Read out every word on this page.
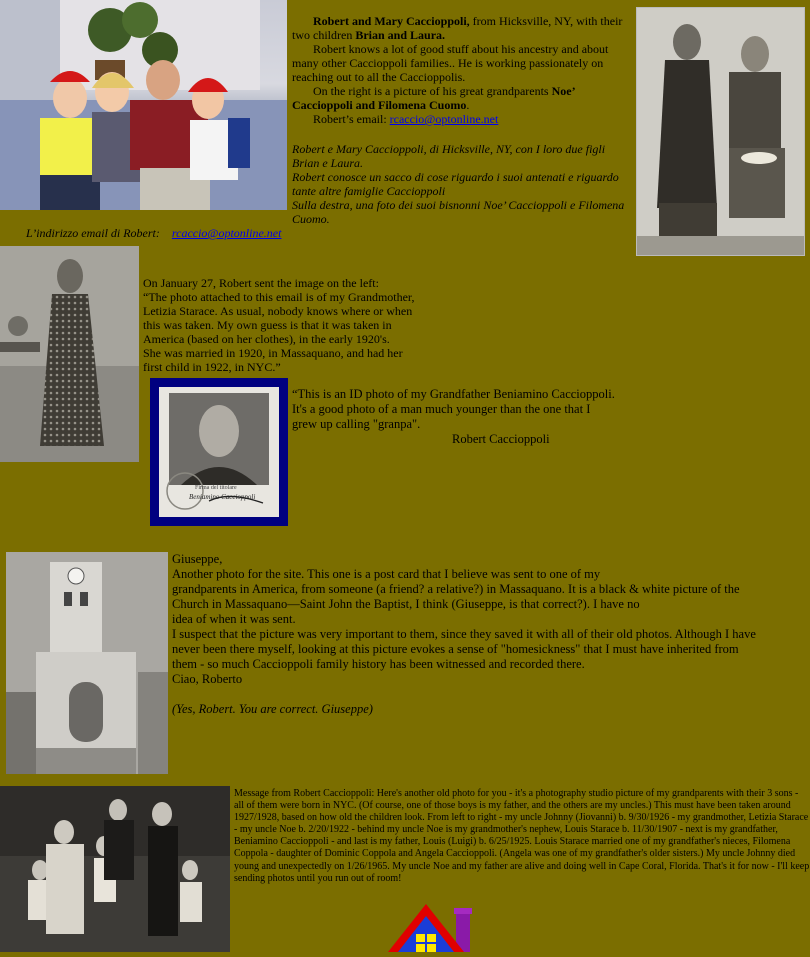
Robert and Mary Caccioppoli, from Hicksville, NY, with their two children Brian and Laura.

Robert knows a lot of good stuff about his ancestry and about many other Caccioppoli families.. He is working passionately on reaching out to all the Caccioppolis.

On the right is a picture of his great grandparents Noe’ Caccioppoli and Filomena Cuomo.

Robert’s email: rcaccio@optonline.net

Robert e Mary Caccioppoli, di Hicksville, NY, con I loro due figli Brian e Laura.

Robert conosce un sacco di cose riguardo i suoi antenati e riguardo tante altre famiglie Caccioppoli

Sulla destra, una foto dei suoi bisnonni Noe’ Caccioppoli e Filomena Cuomo.

L’indirizzo email di Robert: rcaccio@optonline.net

On January 27, Robert sent the image on the left:

“The photo attached to this email is of my Grandmother,

Letizia Starace. As usual, nobody knows where or when

this was taken. My own guess is that it was taken in

America (based on her clothes), in the early 1920's.

She was married in 1920, in Massaquano, and had her

first child in 1922, in NYC.”

Firma del titolare
Beniamino Caccioppoli

“This is an ID photo of my Grandfather Beniamino Caccioppoli.

It's a good photo of a man much younger than the one that I

grew up calling "granpa".

Robert Caccioppoli

Giuseppe,

Another photo for the site. This one is a post card that I believe was sent to one of my

grandparents in America, from someone (a friend? a relative?) in Massaquano. It is a black & white picture of the

Church in Massaquano—Saint John the Baptist, I think (Giuseppe, is that correct?). I have no

idea of when it was sent.

I suspect that the picture was very important to them, since they saved it with all of their old photos. Although I have

never been there myself, looking at this picture evokes a sense of "homesickness" that I must have inherited from

them - so much Caccioppoli family history has been witnessed and recorded there.

Ciao, Roberto

(Yes, Robert. You are correct. Giuseppe)

Message from Robert Caccioppoli: Here's another old photo for you - it's a photography studio picture of my grandparents with their 3 sons - all of them were born in NYC. (Of course, one of those boys is my father, and the others are my uncles.) This must have been taken around 1927/1928, based on how old the children look. From left to right - my uncle Johnny (Jiovanni) b. 9/30/1926 - my grandmother, Letizia Starace - my uncle Noe b. 2/20/1922 - behind my uncle Noe is my grandmother's nephew, Louis Starace b. 11/30/1907 - next is my grandfather, Beniamino Caccioppoli - and last is my father, Louis (Luigi) b. 6/25/1925. Louis Starace married one of my grandfather's nieces, Filomena Coppola - daughter of Dominic Coppola and Angela Caccioppoli. (Angela was one of my grandfather's older sisters.) My uncle Johnny died young and unexpectedly on 1/26/1965. My uncle Noe and my father are alive and doing well in Cape Coral, Florida. That's it for now - I'll keep sending photos until you run out of room!
